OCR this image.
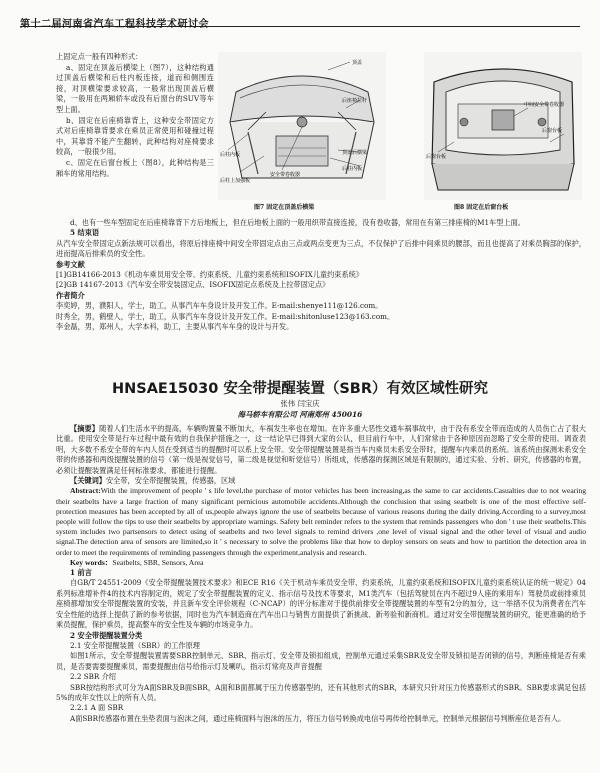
第十二届河南省汽车工程科技学术研讨会

上固定点一般有四种形式：

a、固定在顶盖后横梁上（图7），这种结构通过顶盖后横梁和后柱内板连接，道而和侧围连接，对顶横梁要求较高，一般常出现顶盖后横梁，一般用在两厢轿车或没有后窗台的SUV等车型上面。

b、固定在后座椅靠背上，这种安全带固定方式对后座椅靠背要求在乘员正常使用和碰撞过程中，其靠背不能产生翻转，此种结构对座椅要求较高，一般很少用。

c、固定在后窗台板上（图8），此种结构是三厢车的常用结构。

顶盖
后座椅拉杆
顶盖后横梁
后柱内板
安全带卷收器
后柱上加强板
后柱内板
图7 固定在顶盖后横梁
中间安全带卷收器
后窗台板
后窗台板
图8 固定在后窗台板

d、也有一些车型固定在后座椅靠背下方后地板上，但在后地板上面的一般用织带直接连接，没有卷收器，常用在有第三排座椅的M1车型上面。

5 结束语

从汽车安全带固定点新法规可以看出，将原后排座椅中间安全带固定点由三点或两点变更为三点，不仅保护了后排中间乘员的腰部，而且也提高了对乘员胸部的保护，进而提高后排乘员的安全性。

参考文献

[1]GB14166-2013《机动车乘员用安全带、约束系统、儿童约束系统和ISOFIX儿童约束系统》

[2]GB 14167-2013《汽车安全带安装固定点、ISOFIX固定点系统及上拉带固定点》

作者简介

李奕婷，男，濮阳人，学士，助工，从事汽车车身设计及开发工作。E-mail:shenye111@126.com。

时秀全，男，鹤壁人，学士，助工，从事汽车车身设计及开发工作。E-mail:shitonluse123@163.com。

李金磊，男，郑州人，大学本科，助工，主要从事汽车车身的设计与开发。

HNSAE15030 安全带提醒装置（SBR）有效区域性研究
张伟 闫宝庆
海马轿车有限公司 河南郑州 450016

【摘要】随着人们生活水平的提高，车辆购置量不断加大，车祸发生率也在增加。在许多重大恶性交通车祸事故中，由于没有系安全带而造成的人员伤亡占了很大比重。使用安全带是行车过程中最有效的自我保护措施之一，这一结论早已得到大家的公认，但目前行车中，人们常常由于各种原因而忽略了安全带的使用。调查表明，大多数不系安全带的车内人员在受到适当的提醒时可以系上安全带。安全带提醒装置是指当车内乘员未系安全带时，提醒车内乘员的系统。该系统由探测未系安全带的传感器和两级提醒装置的信号（第一级是视觉信号，第二级是视觉和听觉信号）所组成，传感器的探测区域是有限制的，通过实验、分析、研究，传感器的布置，必须让提醒装置满足任何标准要求，都能进行提醒。

【关键词】安全带，安全带提醒装置，传感器，区域

Abstract:With the improvement of people ' s life level,the purchase of motor vehicles has been increasing,as the same to car accidents.Casualties due to not wearing their seatbelts have a large fraction of many significant pernicious automobile accidents.Although the conclusion that using seatbelt is one of the most effective self-protection measures has been accepted by all of us,people always ignore the use of seatbelts because of various reasons during the daily driving.According to a survey,most people will follow the tips to use their seatbelts by appropriate warnings. Safety belt reminder refers to the system that reminds passengers who don ' t use their seatbelts.This system includes two partsensors to detect using of seatbelts and two level signals to remind drivers ,one level of visual signal and the other level of visual and audio signal.The detection area of sensors are limited,so it ' s necessary to solve the problems like that how to deploy sensors on seats and how to partition the detection area in order to meet the requirements of reminding passengers through the experiment,analysis and research.

Key words：Seatbelts, SBR, Sensors, Area

1 前言

自GB/T 24551-2009《安全带提醒装置技术要求》和ECE R16《关于机动车乘员安全带、约束系统，儿童约束系统和ISOFIX儿童约束系统认证的统一规定》04系列标准增补件4的技术内容制定的，规定了安全带提醒装置的定义、指示信号及技术等要求，M1类汽车（包括驾驶员在内不超过9人座的乘用车）驾驶员或前排乘员座椅都增加安全带提醒装置的安装，并且新车安全评价规程（C-NCAP）的评分标准对于提供前排安全带提醒装置的车型有2分的加分，这一举措不仅为消费者在汽车安全性能的选择上提供了新的参考依据，同时也为汽车制造商在汽车出口与销售方面提供了新挑战、新考验和新商机。通过对安全带提醒装置的研究，能更准确的给予乘员提醒，保护乘员，提高整车的安全性及车辆的市场竞争力。

2 安全带提醒装置分类

2.1 安全带提醒装置（SBR）的工作原理

如图1所示，安全带提醒装置需要SBR控制单元、SBR、指示灯、安全带及锁扣组成，控制单元通过采集SBR及安全带及锁扣是否闭锁的信号，判断座椅是否有乘员，是否要需要提醒乘员，需要提醒由信号给指示灯及喇叭，指示灯常亮及声音提醒

2.2 SBR 介绍

SBR按结构形式可分为A面SBR及B面SBR，A面和B面都属于压力传感器型的，还有其他形式的SBR，本研究只针对压力传感器形式的SBR。SBR要求满足包括5%的成年女性以上的所有人员。

2.2.1 A 面 SBR

A面SBR传感器布置在坐垫表面与泡沫之间，通过座椅面料与泡沫的压力，将压力信号转换成电信号再传给控制单元，控制单元根据信号判断座位是否有人。
